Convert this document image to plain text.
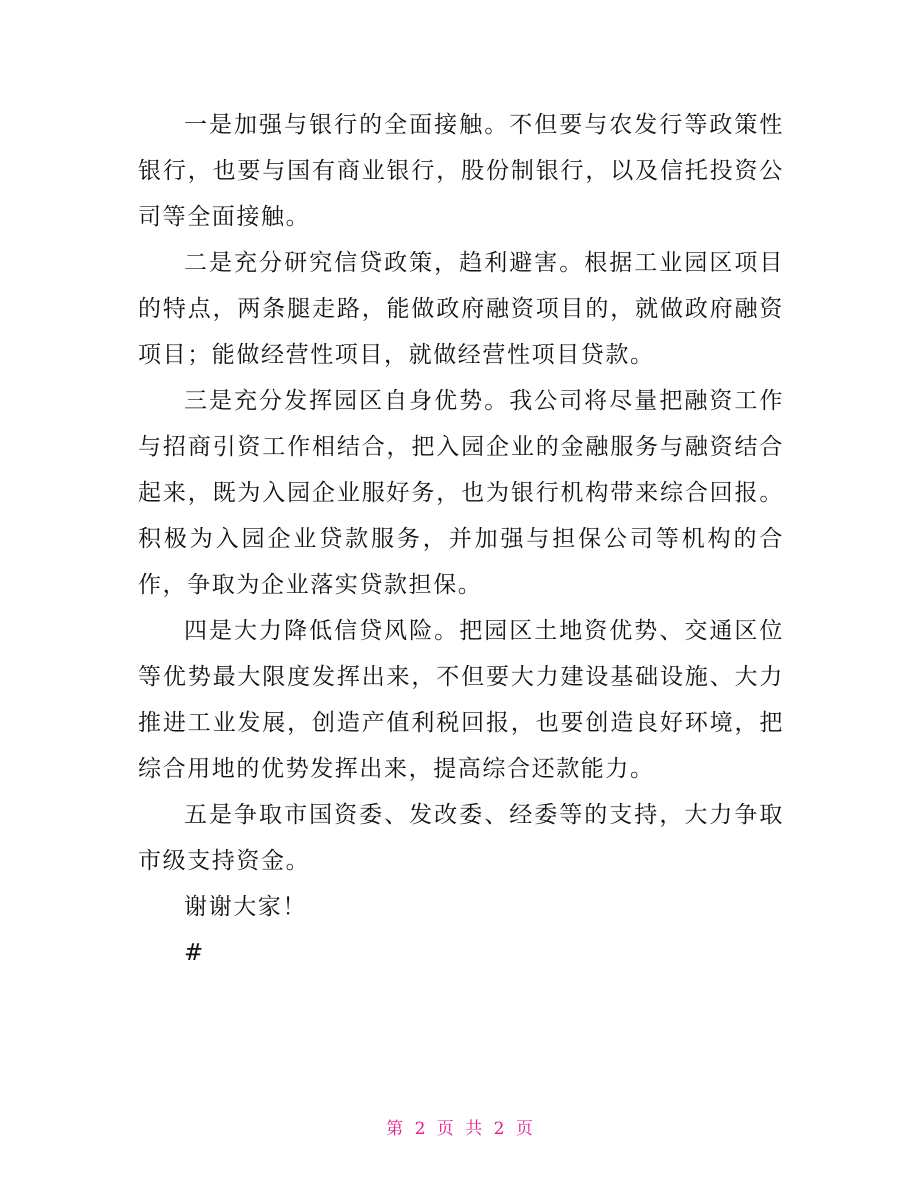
一是加强与银行的全面接触。不但要与农发行等政策性银行，也要与国有商业银行，股份制银行，以及信托投资公司等全面接触。

二是充分研究信贷政策，趋利避害。根据工业园区项目的特点，两条腿走路，能做政府融资项目的，就做政府融资项目；能做经营性项目，就做经营性项目贷款。

三是充分发挥园区自身优势。我公司将尽量把融资工作与招商引资工作相结合，把入园企业的金融服务与融资结合起来，既为入园企业服好务，也为银行机构带来综合回报。积极为入园企业贷款服务，并加强与担保公司等机构的合作，争取为企业落实贷款担保。

四是大力降低信贷风险。把园区土地资优势、交通区位等优势最大限度发挥出来，不但要大力建设基础设施、大力推进工业发展，创造产值利税回报，也要创造良好环境，把综合用地的优势发挥出来，提高综合还款能力。

五是争取市国资委、发改委、经委等的支持，大力争取市级支持资金。

谢谢大家！

#

第 2 页 共 2 页
